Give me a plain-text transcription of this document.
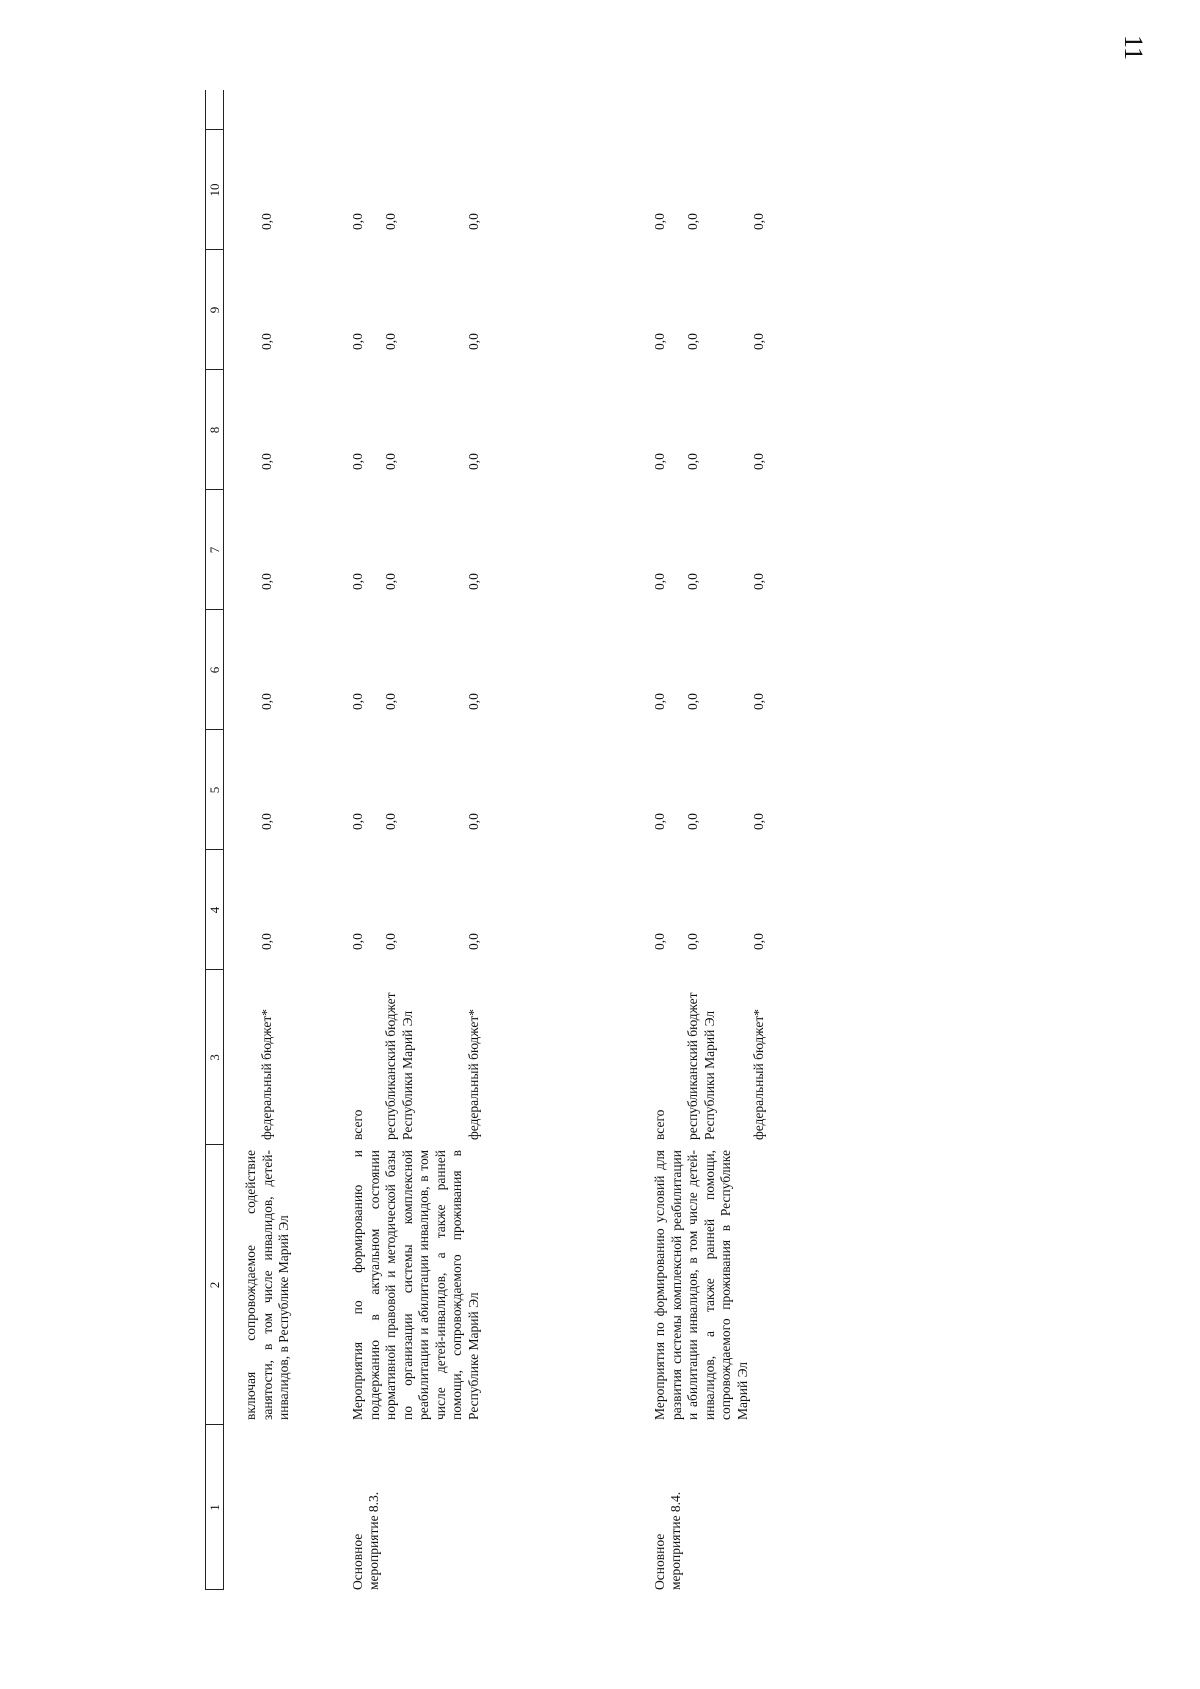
11
1
2
3
4
5
6
7
8
9
10
включая сопровождаемое содействие занятости, в том числе инвалидов, детей-инвалидов, в Республике Марий Эл
федеральный бюджет*
0,0
0,0
0,0
0,0
0,0
0,0
0,0
Основное мероприятие 8.3.
Мероприятия по формированию и поддержанию в актуальном состоянии нормативной правовой и методической базы по организации системы комплексной реабилитации и абилитации инвалидов, в том числе детей-инвалидов, а также ранней помощи, сопровождаемого проживания в Республике Марий Эл
всего
0,0
0,0
0,0
0,0
0,0
0,0
0,0
республиканский бюджет Республики Марий Эл
0,0
0,0
0,0
0,0
0,0
0,0
0,0
федеральный бюджет*
0,0
0,0
0,0
0,0
0,0
0,0
0,0
Основное мероприятие 8.4.
Мероприятия по формированию условий для развития системы комплексной реабилитации и абилитации инвалидов, в том числе детей-инвалидов, а также ранней помощи, сопровождаемого проживания в Республике Марий Эл
всего
0,0
0,0
0,0
0,0
0,0
0,0
0,0
республиканский бюджет Республики Марий Эл
0,0
0,0
0,0
0,0
0,0
0,0
0,0
федеральный бюджет*
0,0
0,0
0,0
0,0
0,0
0,0
0,0
